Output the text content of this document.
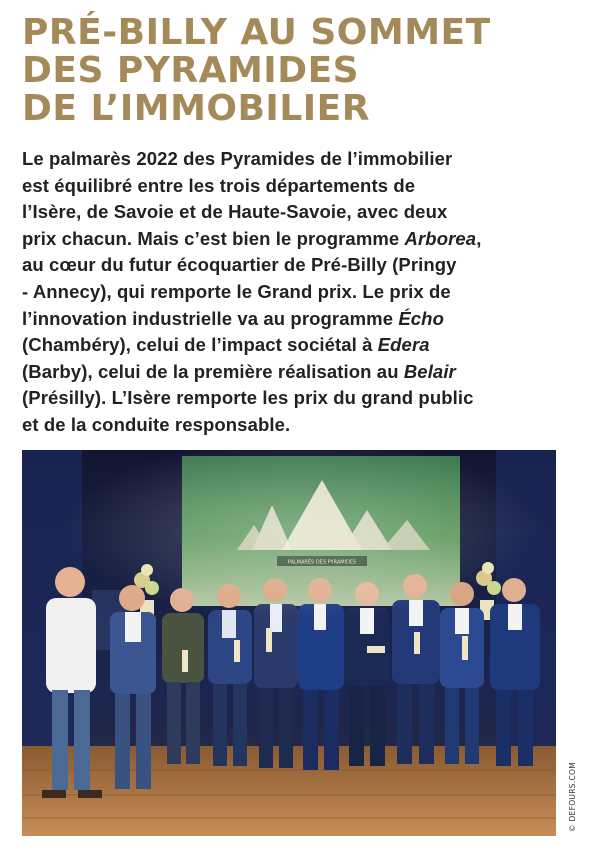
PRÉ-BILLY AU SOMMET
DES PYRAMIDES
DE L’IMMOBILIER
Le palmarès 2022 des Pyramides de l’immobilier
est équilibré entre les trois départements de
l’Isère, de Savoie et de Haute-Savoie, avec deux
prix chacun. Mais c’est bien le programme Arborea,
au cœur du futur écoquartier de Pré-Billy (Pringy
- Annecy), qui remporte le Grand prix. Le prix de
l’innovation industrielle va au programme Écho
(Chambéry), celui de l’impact sociétal à Edera
(Barby), celui de la première réalisation au Belair
(Présilly). L’Isère remporte les prix du grand public
et de la conduite responsable.
© DEFOURS.COM
